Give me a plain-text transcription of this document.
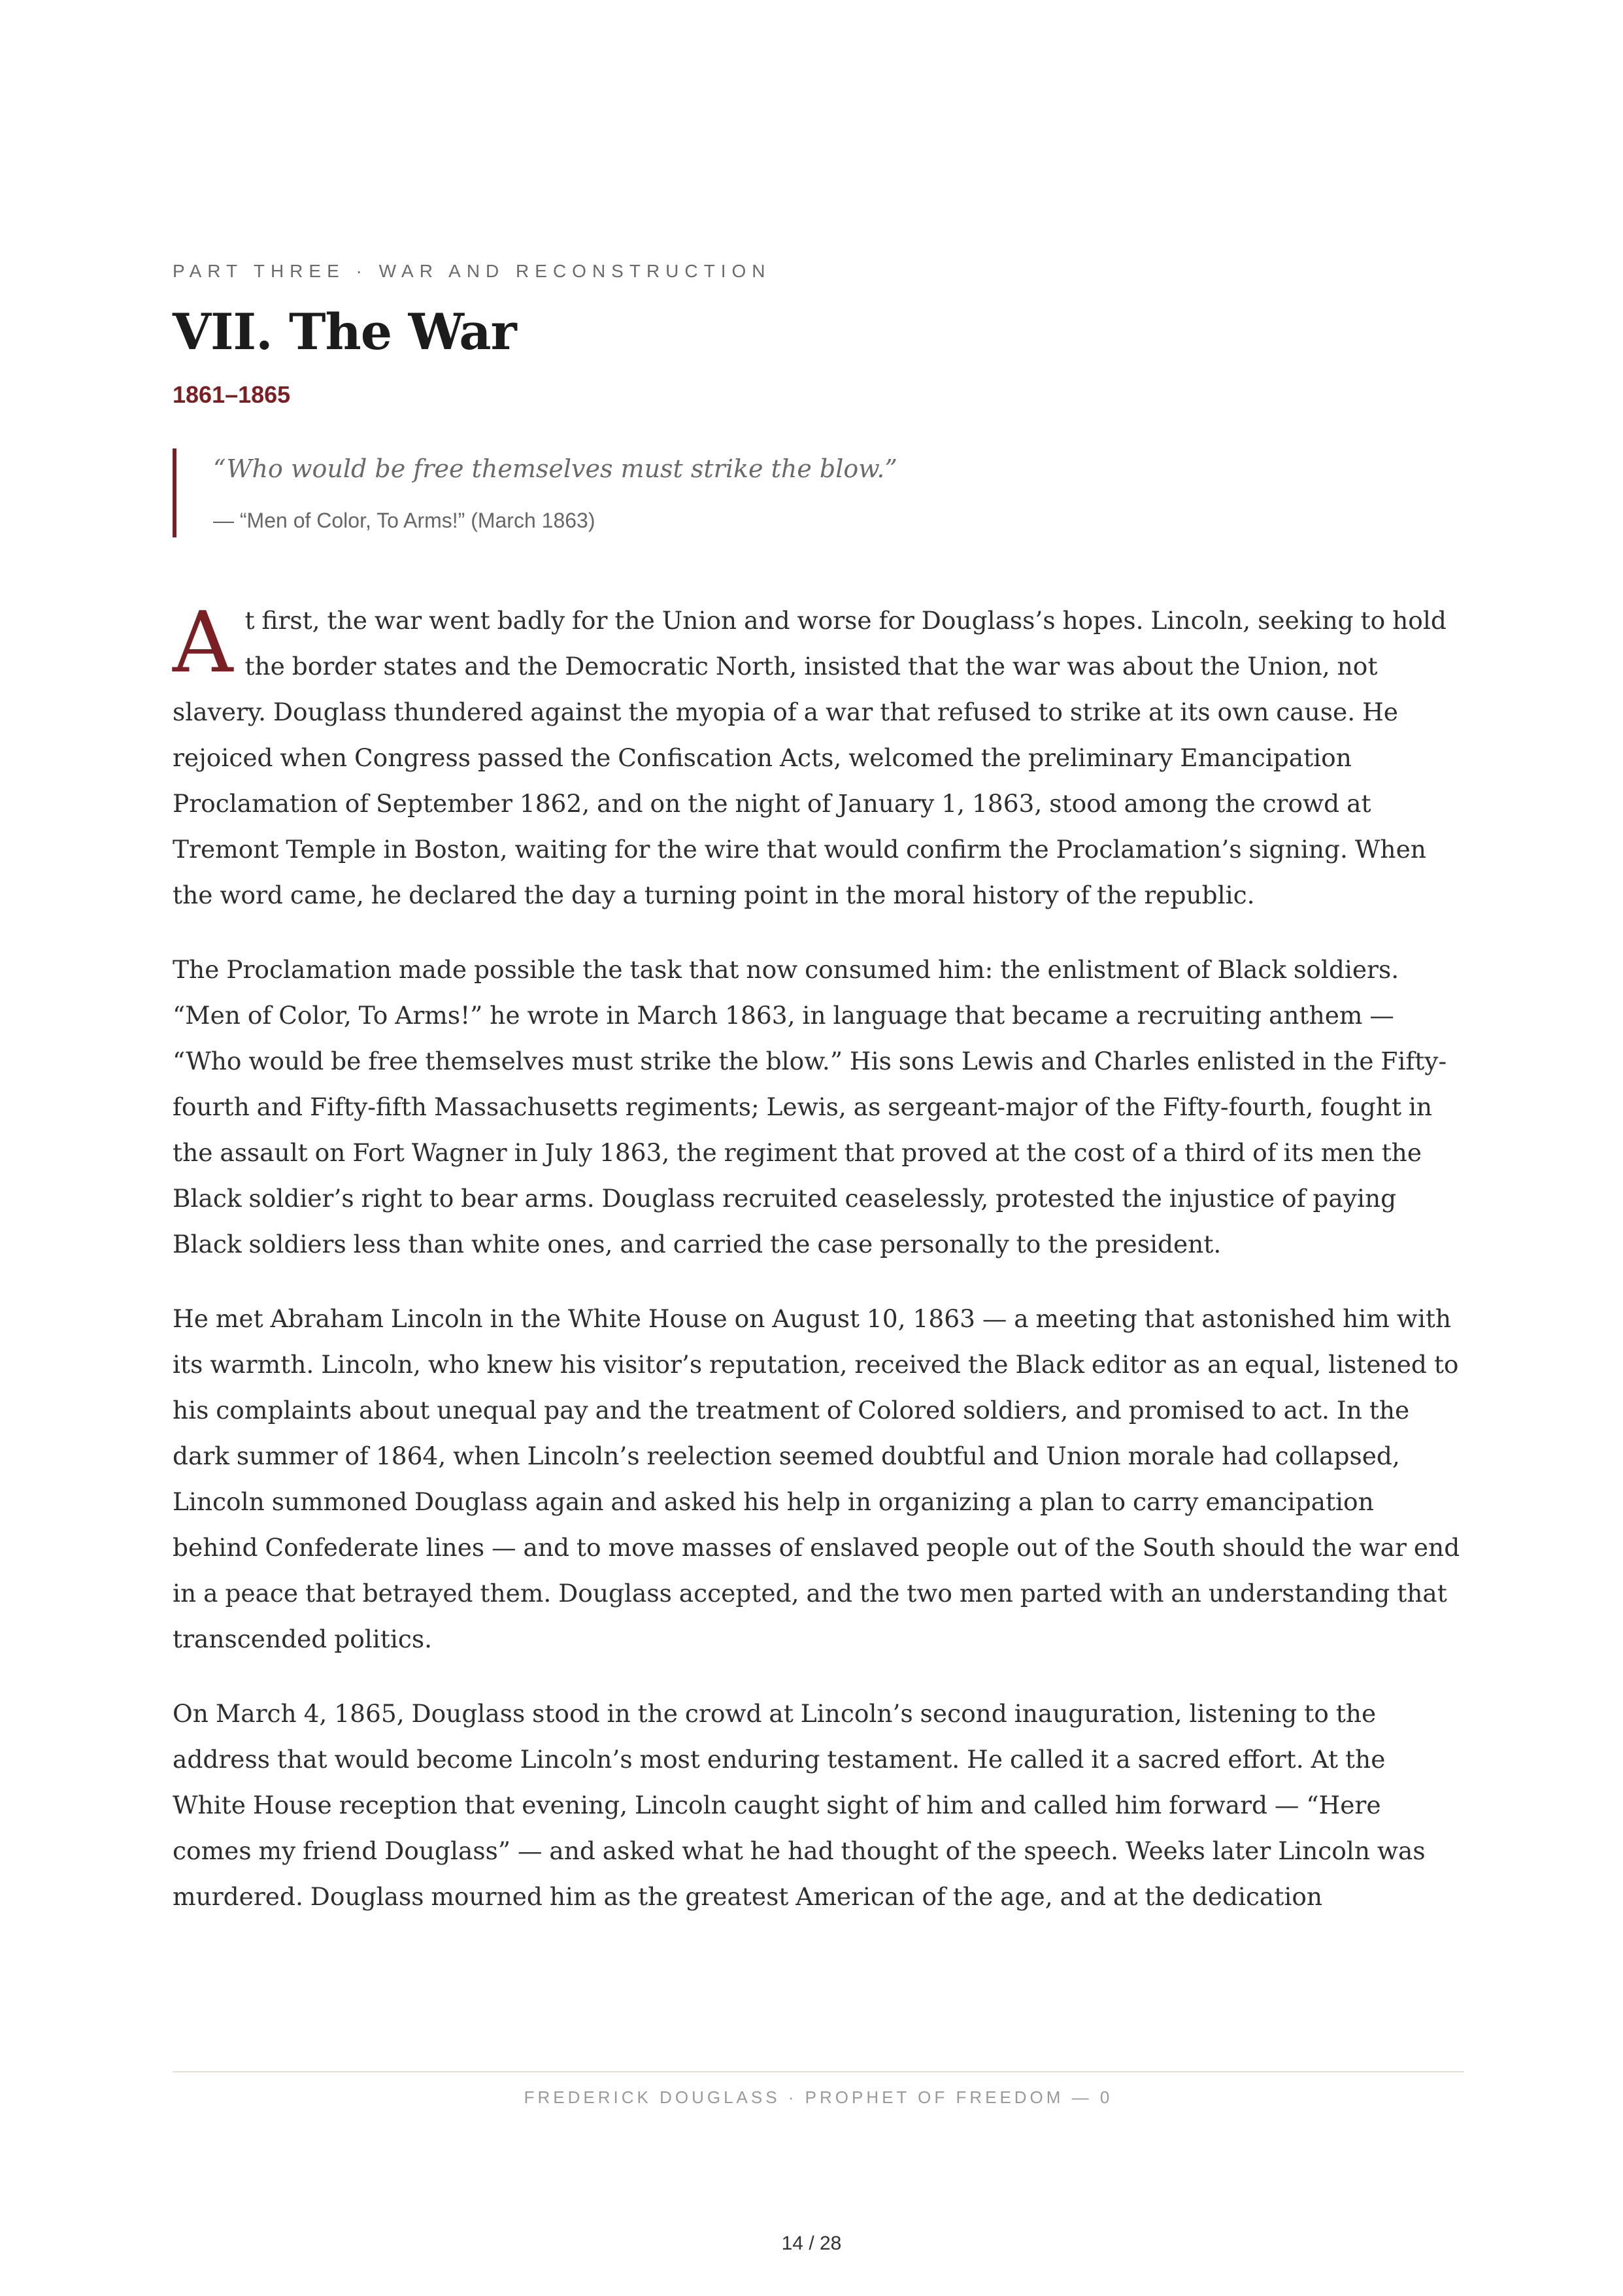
PART THREE · WAR AND RECONSTRUCTION
VII. The War
1861–1865
“Who would be free themselves must strike the blow.”
— “Men of Color, To Arms!” (March 1863)

At first, the war went badly for the Union and worse for Douglass’s hopes. Lincoln, seeking to hold the border states and the Democratic North, insisted that the war was about the Union, not slavery. Douglass thundered against the myopia of a war that refused to strike at its own cause. He rejoiced when Congress passed the Confiscation Acts, welcomed the preliminary Emancipation Proclamation of September 1862, and on the night of January 1, 1863, stood among the crowd at Tremont Temple in Boston, waiting for the wire that would confirm the Proclamation’s signing. When the word came, he declared the day a turning point in the moral history of the republic.

The Proclamation made possible the task that now consumed him: the enlistment of Black soldiers. “Men of Color, To Arms!” he wrote in March 1863, in language that became a recruiting anthem — “Who would be free themselves must strike the blow.” His sons Lewis and Charles enlisted in the Fifty-fourth and Fifty-fifth Massachusetts regiments; Lewis, as sergeant-major of the Fifty-fourth, fought in the assault on Fort Wagner in July 1863, the regiment that proved at the cost of a third of its men the Black soldier’s right to bear arms. Douglass recruited ceaselessly, protested the injustice of paying Black soldiers less than white ones, and carried the case personally to the president.

He met Abraham Lincoln in the White House on August 10, 1863 — a meeting that astonished him with its warmth. Lincoln, who knew his visitor’s reputation, received the Black editor as an equal, listened to his complaints about unequal pay and the treatment of Colored soldiers, and promised to act. In the dark summer of 1864, when Lincoln’s reelection seemed doubtful and Union morale had collapsed, Lincoln summoned Douglass again and asked his help in organizing a plan to carry emancipation behind Confederate lines — and to move masses of enslaved people out of the South should the war end in a peace that betrayed them. Douglass accepted, and the two men parted with an understanding that transcended politics.

On March 4, 1865, Douglass stood in the crowd at Lincoln’s second inauguration, listening to the address that would become Lincoln’s most enduring testament. He called it a sacred effort. At the White House reception that evening, Lincoln caught sight of him and called him forward — “Here comes my friend Douglass” — and asked what he had thought of the speech. Weeks later Lincoln was murdered. Douglass mourned him as the greatest American of the age, and at the dedication

FREDERICK DOUGLASS · PROPHET OF FREEDOM — 0
14 / 28
